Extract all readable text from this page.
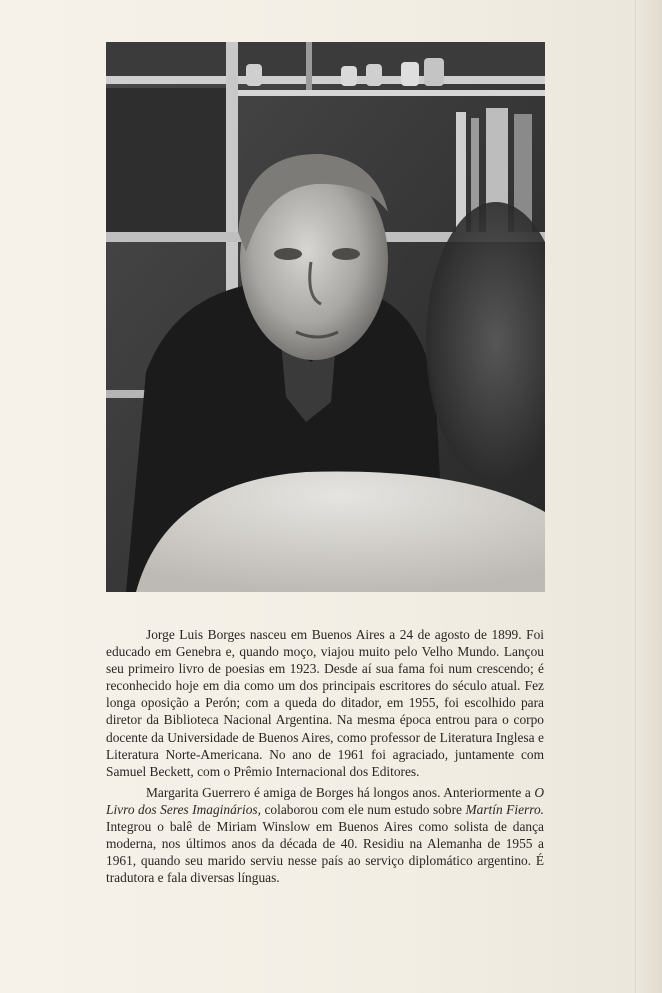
Jorge Luis Borges nasceu em Buenos Aires a 24 de agosto de 1899. Foi educado em Genebra e, quando moço, viajou muito pelo Velho Mundo. Lançou seu primeiro livro de poesias em 1923. Desde aí sua fama foi num crescendo; é reconhecido hoje em dia como um dos principais escritores do século atual. Fez longa oposição a Perón; com a queda do ditador, em 1955, foi escolhido para diretor da Biblioteca Nacional Argentina. Na mesma época entrou para o corpo docente da Universidade de Buenos Aires, como professor de Literatura Inglesa e Literatura Norte-Americana. No ano de 1961 foi agraciado, juntamente com Samuel Beckett, com o Prêmio Internacional dos Editores.

Margarita Guerrero é amiga de Borges há longos anos. Anteriormente a O Livro dos Seres Imaginários, colaborou com ele num estudo sobre Martín Fierro. Integrou o balê de Miriam Winslow em Buenos Aires como solista de dança moderna, nos últimos anos da década de 40. Residiu na Alemanha de 1955 a 1961, quando seu marido serviu nesse país ao serviço diplomático argentino. É tradutora e fala diversas línguas.
